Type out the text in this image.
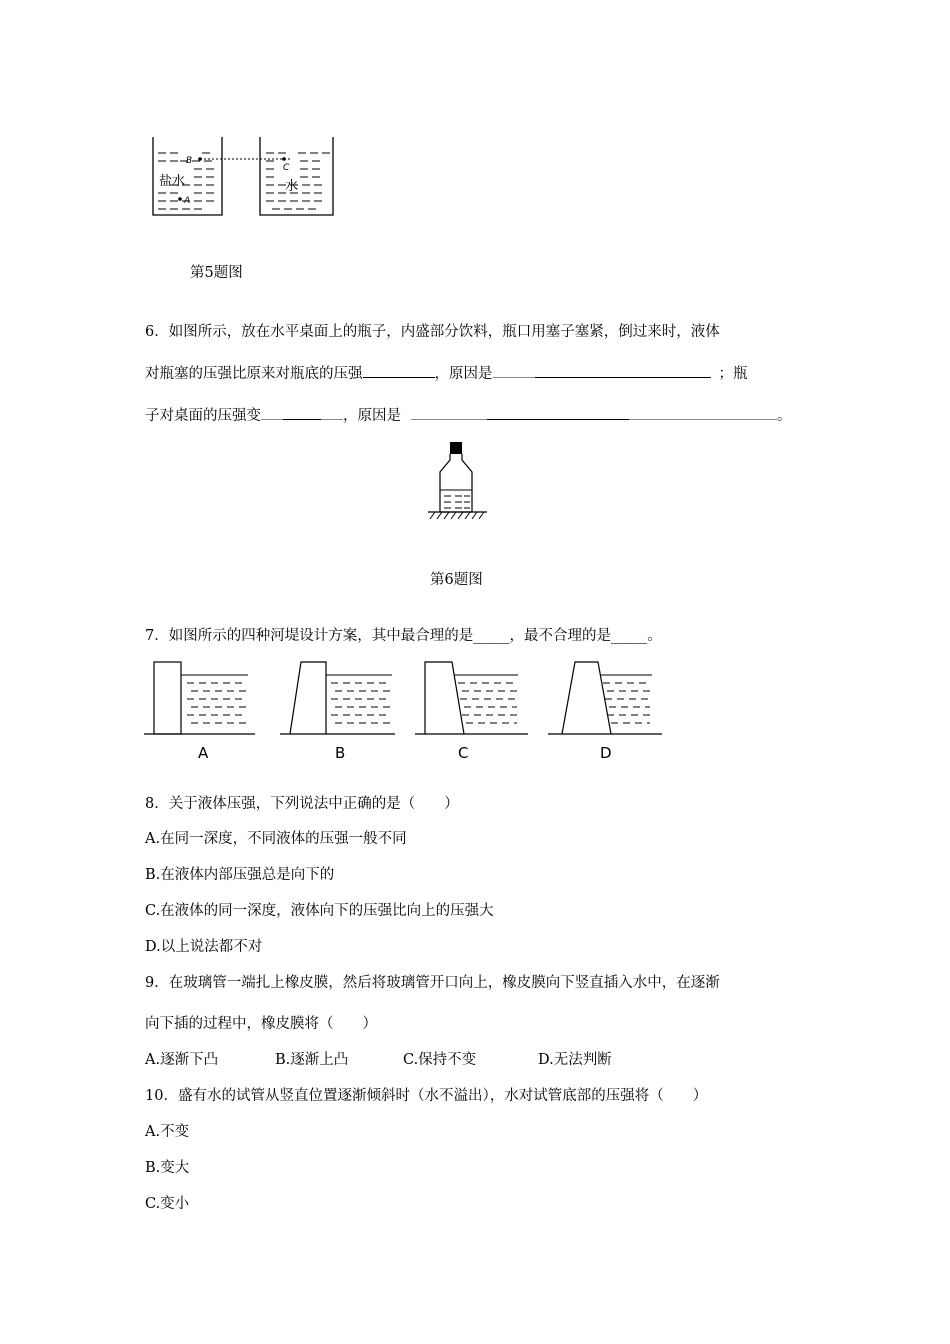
B
A
C
盐水	水
第5题图
6．如图所示，放在水平桌面上的瓶子，内盛部分饮料，瓶口用塞子塞紧，倒过来时，液体
对瓶塞的压强比原来对瓶底的压强	，原因是	；瓶
子对桌面的压强变	，原因是	。
第6题图
7．如图所示的四种河堤设计方案，其中最合理的是_____，最不合理的是_____。
A	B	C	D
8．关于液体压强，下列说法中正确的是（　　）
A.在同一深度，不同液体的压强一般不同
B.在液体内部压强总是向下的
C.在液体的同一深度，液体向下的压强比向上的压强大
D.以上说法都不对
9．在玻璃管一端扎上橡皮膜，然后将玻璃管开口向上，橡皮膜向下竖直插入水中，在逐渐
向下插的过程中，橡皮膜将（　　）
A.逐渐下凸	B.逐渐上凸	C.保持不变	D.无法判断
10．盛有水的试管从竖直位置逐渐倾斜时（水不溢出），水对试管底部的压强将（　　）
A.不变
B.变大
C.变小
